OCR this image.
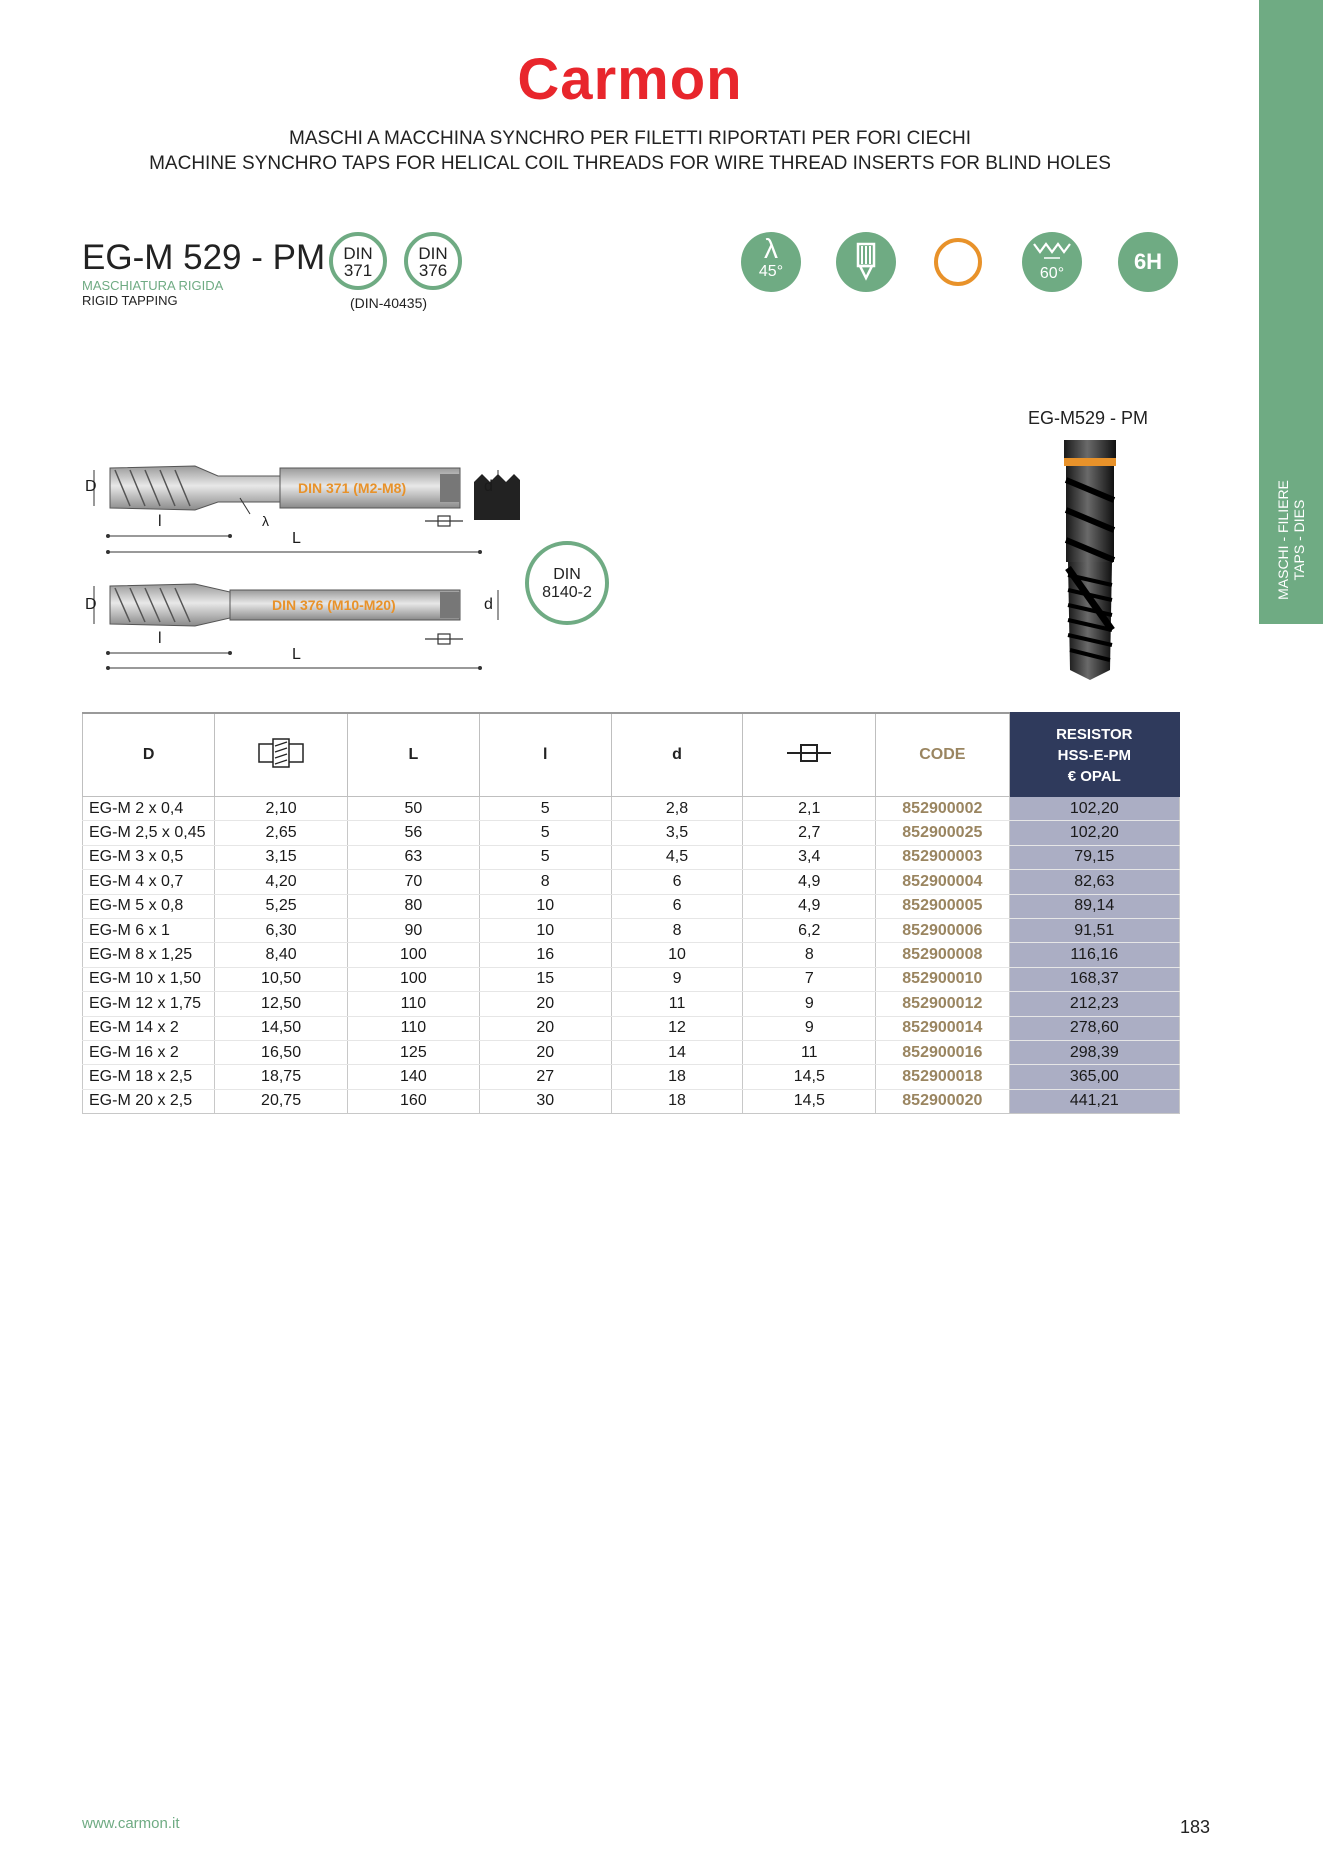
MASCHI - FILIERE TAPS - DIES
Carmon
MASCHI A MACCHINA SYNCHRO PER FILETTI RIPORTATI PER FORI CIECHI
MACHINE SYNCHRO TAPS FOR HELICAL COIL THREADS FOR WIRE THREAD INSERTS FOR BLIND HOLES
EG-M 529 - PM
MASCHIATURA RIGIDA
RIGID TAPPING
DIN
371
DIN
376
(DIN-40435)
λ
45°	60°	6H
D	d
l	λ
L
DIN 371 (M2-M8)
D	d
l
L
DIN 376 (M10-M20)
E
DIN
8140-2
EG-M529 - PM
D		L	l	d		CODE	RESISTOR
HSS-E-PM
€ OPAL

EG-M 2 x 0,4	2,10	50	5	2,8	2,1	852900002	102,20
EG-M 2,5 x 0,45	2,65	56	5	3,5	2,7	852900025	102,20
EG-M 3 x 0,5	3,15	63	5	4,5	3,4	852900003	79,15
EG-M 4 x 0,7	4,20	70	8	6	4,9	852900004	82,63
EG-M 5 x 0,8	5,25	80	10	6	4,9	852900005	89,14
EG-M 6 x 1	6,30	90	10	8	6,2	852900006	91,51
EG-M 8 x 1,25	8,40	100	16	10	8	852900008	116,16
EG-M 10 x 1,50	10,50	100	15	9	7	852900010	168,37
EG-M 12 x 1,75	12,50	110	20	11	9	852900012	212,23
EG-M 14 x 2	14,50	110	20	12	9	852900014	278,60
EG-M 16 x 2	16,50	125	20	14	11	852900016	298,39
EG-M 18 x 2,5	18,75	140	27	18	14,5	852900018	365,00
EG-M 20 x 2,5	20,75	160	30	18	14,5	852900020	441,21
www.carmon.it	183
